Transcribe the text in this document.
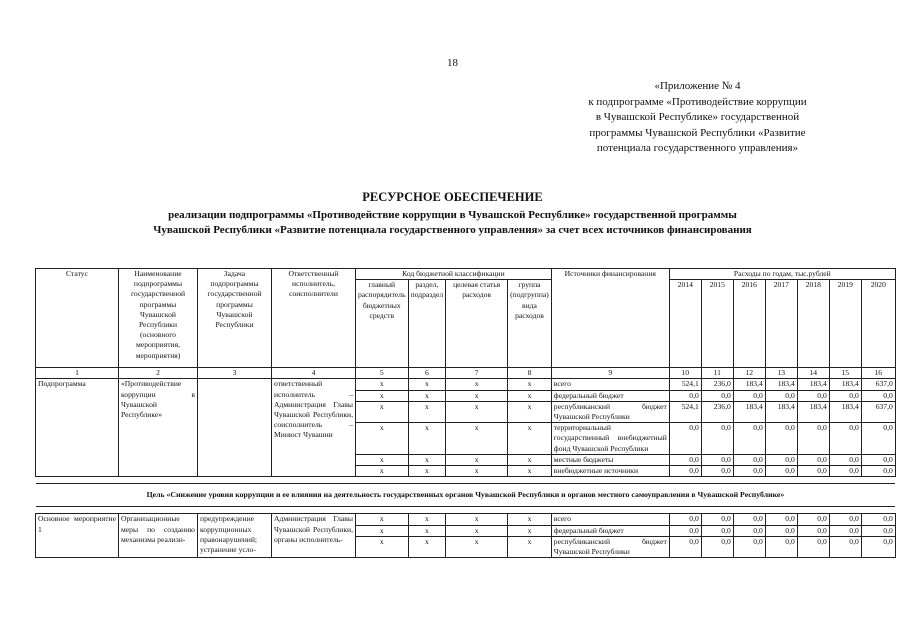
18
«Приложение № 4
к подпрограмме «Противодействие коррупции
в Чувашской Республике» государственной
программы Чувашской Республики «Развитие
потенциала государственного управления»
РЕСУРСНОЕ ОБЕСПЕЧЕНИЕ
реализации подпрограммы «Противодействие коррупции в Чувашской Республике» государственной программы
Чувашской Республики «Развитие потенциала государственного управления» за счет всех источников финансирования
Статус	Наименование подпрограммы государственной программы Чувашской Республики (основного мероприятия, мероприятия)	Задача подпрограммы государственной программы Чувашской Республики	Ответственный исполнитель, соисполнители	Код бюджетной классификации				Источники финансирования	Расходы по годам, тыс.рублей						
				главный распорядитель бюджетных средств	раздел, подраздел	целевая статья расходов	группа (подгруппа) вида расходов		2014	2015	2016	2017	2018	2019	2020
1	2	3	4	5	6	7	8	9	10	11	12	13	14	15	16
Подпрограмма	«Противодействие коррупции в Чувашской Республике»		ответственный исполнитель – Администрация Главы Чувашской Республики, соисполнитель – Минюст Чувашии	x	x	x	x	всего	524,1	236,0	183,4	183,4	183,4	183,4	637,0
				x	x	x	x	федеральный бюджет	0,0	0,0	0,0	0,0	0,0	0,0	0,0
				x	x	x	x	республиканский бюджет Чувашской Республики	524,1	236,0	183,4	183,4	183,4	183,4	637,0
				x	x	x	x	территориальный государственный внебюджетный фонд Чувашской Республики	0,0	0,0	0,0	0,0	0,0	0,0	0,0
				x	x	x	x	местные бюджеты	0,0	0,0	0,0	0,0	0,0	0,0	0,0
				x	x	x	x	внебюджетные источники	0,0	0,0	0,0	0,0	0,0	0,0	0,0

Цель «Снижение уровня коррупции и ее влияния на деятельность государственных органов Чувашской Республики и органов местного самоуправления в Чувашской Республике»															

Основное мероприятие 1	Организационные меры по созданию механизма реализи-	предупреждение коррупционных правонарушений; устранение усло-	Администрация Главы Чувашской Республики, органы исполнитель-	x	x	x	x	всего	0,0	0,0	0,0	0,0	0,0	0,0	0,0
				x	x	x	x	федеральный бюджет	0,0	0,0	0,0	0,0	0,0	0,0	0,0
				x	x	x	x	республиканский бюджет Чувашской Республики	0,0	0,0	0,0	0,0	0,0	0,0	0,0
